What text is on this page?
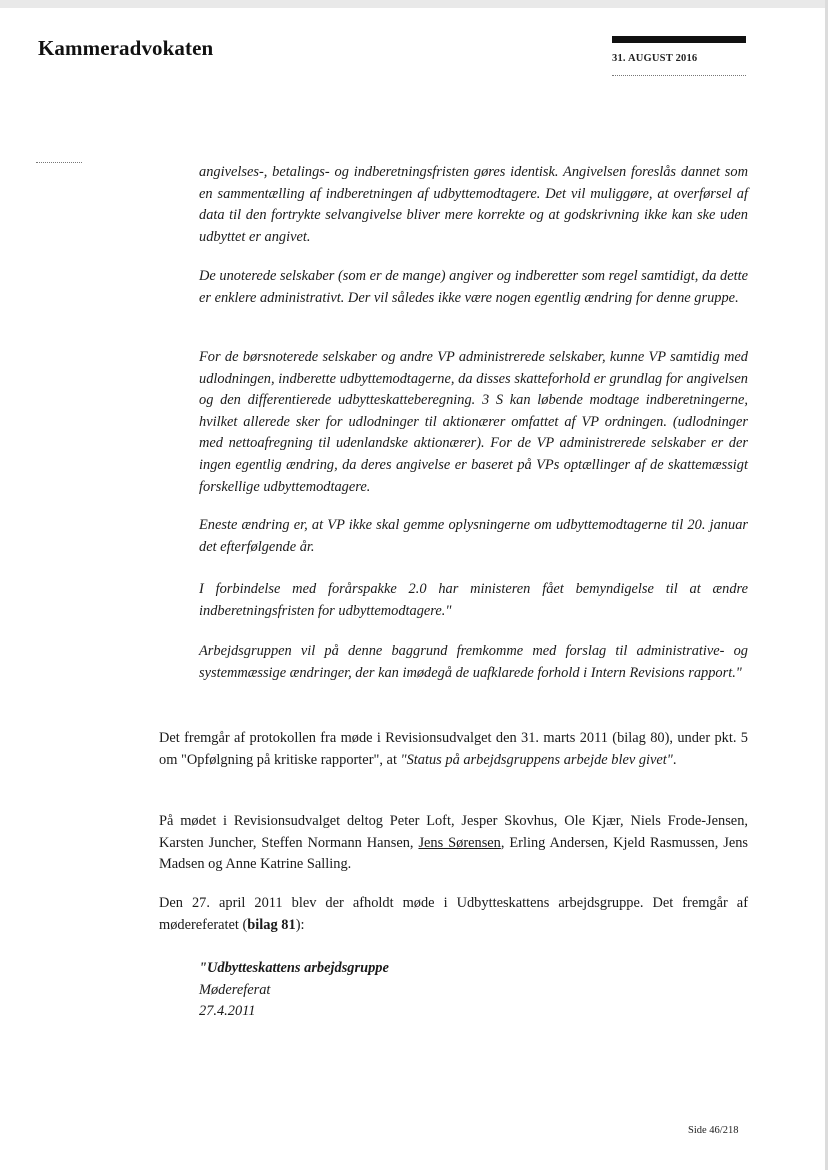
Kammeradvokaten	31. AUGUST 2016

angivelses-, betalings- og indberetningsfristen gøres identisk. Angivelsen foreslås dannet som en sammentælling af indberetningen af udbyttemodtagere. Det vil muliggøre, at overførsel af data til den fortrykte selvangivelse bliver mere korrekte og at godskrivning ikke kan ske uden udbyttet er angivet.

De unoterede selskaber (som er de mange) angiver og indberetter som regel samtidigt, da dette er enklere administrativt. Der vil således ikke være nogen egentlig ændring for denne gruppe.

For de børsnoterede selskaber og andre VP administrerede selskaber, kunne VP samtidig med udlodningen, indberette udbyttemodtagerne, da disses skatteforhold er grundlag for angivelsen og den differentierede udbytteskatteberegning. 3 S kan løbende modtage indberetningerne, hvilket allerede sker for udlodninger til aktionærer omfattet af VP ordningen. (udlodninger med nettoafregning til udenlandske aktionærer). For de VP administrerede selskaber er der ingen egentlig ændring, da deres angivelse er baseret på VPs optællinger af de skattemæssigt forskellige udbyttemodtagere.

Eneste ændring er, at VP ikke skal gemme oplysningerne om udbyttemodtagerne til 20. januar det efterfølgende år.

I forbindelse med forårspakke 2.0 har ministeren fået bemyndigelse til at ændre indberetningsfristen for udbyttemodtagere."

Arbejdsgruppen vil på denne baggrund fremkomme med forslag til administrative- og systemmæssige ændringer, der kan imødegå de uafklarede forhold i Intern Revisions rapport."

Det fremgår af protokollen fra møde i Revisionsudvalget den 31. marts 2011 (bilag 80), under pkt. 5 om "Opfølgning på kritiske rapporter", at "Status på arbejdsgruppens arbejde blev givet".

På mødet i Revisionsudvalget deltog Peter Loft, Jesper Skovhus, Ole Kjær, Niels Frode-Jensen, Karsten Juncher, Steffen Normann Hansen, Jens Sørensen, Erling Andersen, Kjeld Rasmussen, Jens Madsen og Anne Katrine Salling.

Den 27. april 2011 blev der afholdt møde i Udbytteskattens arbejdsgruppe. Det fremgår af mødereferatet (bilag 81):

"Udbytteskattens arbejdsgruppe
Mødereferat
27.4.2011
Side 46/218
